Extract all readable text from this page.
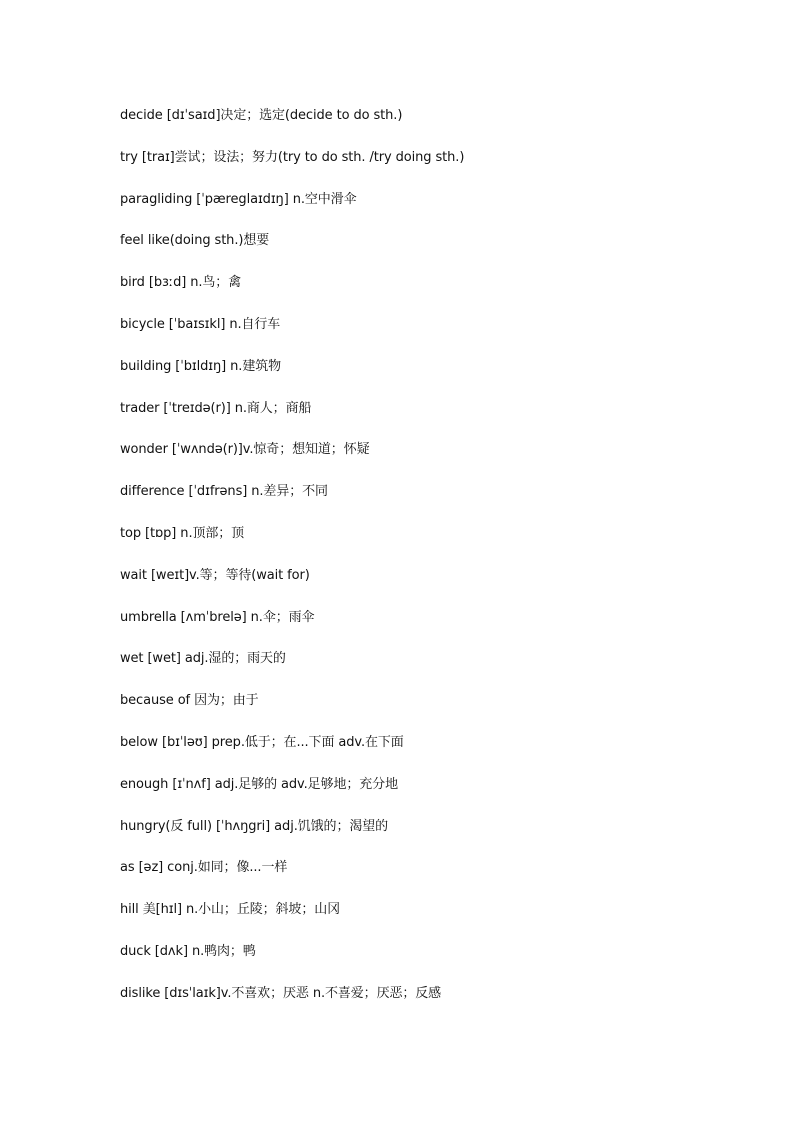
decide [dɪˈsaɪd]决定；选定(decide to do sth.)
try [traɪ]尝试；设法；努力(try to do sth. /try doing sth.)
paragliding [ˈpæreglaɪdɪŋ] n.空中滑伞
feel like(doing sth.)想要
bird [bɜːd] n.鸟；禽
bicycle [ˈbaɪsɪkl] n.自行车
building [ˈbɪldɪŋ] n.建筑物
trader [ˈtreɪdə(r)] n.商人；商船
wonder [ˈwʌndə(r)]v.惊奇；想知道；怀疑
difference [ˈdɪfrəns] n.差异；不同
top [tɒp] n.顶部；顶
wait [weɪt]v.等；等待(wait for)
umbrella [ʌmˈbrelə] n.伞；雨伞
wet [wet] adj.湿的；雨天的
because of 因为；由于
below [bɪˈləʊ] prep.低于；在...下面 adv.在下面
enough [ɪˈnʌf] adj.足够的 adv.足够地；充分地
hungry(反 full) [ˈhʌŋgri] adj.饥饿的；渴望的
as [əz] conj.如同；像...一样
hill 美[hɪl] n.小山；丘陵；斜坡；山冈
duck [dʌk] n.鸭肉；鸭
dislike [dɪsˈlaɪk]v.不喜欢；厌恶 n.不喜爱；厌恶；反感
